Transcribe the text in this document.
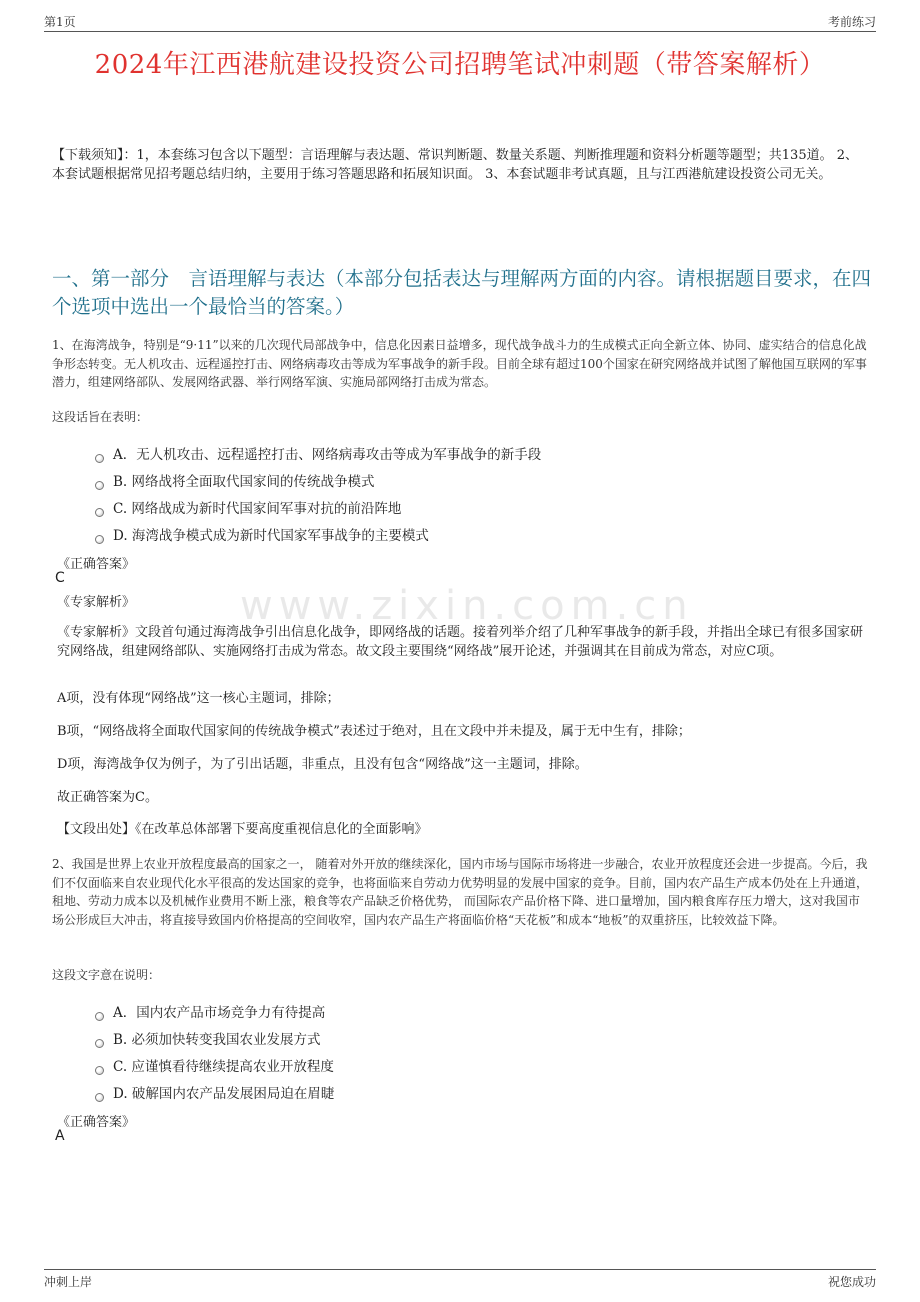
第1页	考前练习
www.zixin.com.cn
2024年江西港航建设投资公司招聘笔试冲刺题（带答案解析）
【下载须知】：1，本套练习包含以下题型：言语理解与表达题、常识判断题、数量关系题、判断推理题和资料分析题等题型；共135道。 2、本套试题根据常见招考题总结归纳，主要用于练习答题思路和拓展知识面。 3、本套试题非考试真题，且与江西港航建设投资公司无关。
一、第一部分　言语理解与表达（本部分包括表达与理解两方面的内容。请根据题目要求，在四个选项中选出一个最恰当的答案。）
1、在海湾战争，特别是“9·11”以来的几次现代局部战争中，信息化因素日益增多，现代战争战斗力的生成模式正向全新立体、协同、虚实结合的信息化战争形态转变。无人机攻击、远程遥控打击、网络病毒攻击等成为军事战争的新手段。目前全球有超过100个国家在研究网络战并试图了解他国互联网的军事潜力，组建网络部队、发展网络武器、举行网络军演、实施局部网络打击成为常态。
这段话旨在表明：
A．无人机攻击、远程遥控打击、网络病毒攻击等成为军事战争的新手段
B. 网络战将全面取代国家间的传统战争模式
C. 网络战成为新时代国家间军事对抗的前沿阵地
D. 海湾战争模式成为新时代国家军事战争的主要模式
《正确答案》
C
《专家解析》
《专家解析》文段首句通过海湾战争引出信息化战争，即网络战的话题。接着列举介绍了几种军事战争的新手段，并指出全球已有很多国家研究网络战，组建网络部队、实施网络打击成为常态。故文段主要围绕“网络战”展开论述，并强调其在目前成为常态，对应C项。
A项，没有体现“网络战”这一核心主题词，排除；
B项，“网络战将全面取代国家间的传统战争模式”表述过于绝对，且在文段中并未提及，属于无中生有，排除；
D项，海湾战争仅为例子，为了引出话题，非重点，且没有包含“网络战”这一主题词，排除。
故正确答案为C。
【文段出处】《在改革总体部署下要高度重视信息化的全面影响》
2、我国是世界上农业开放程度最高的国家之一， 随着对外开放的继续深化，国内市场与国际市场将进一步融合，农业开放程度还会进一步提高。今后，我们不仅面临来自农业现代化水平很高的发达国家的竞争，也将面临来自劳动力优势明显的发展中国家的竞争。目前，国内农产品生产成本仍处在上升通道，租地、劳动力成本以及机械作业费用不断上涨，粮食等农产品缺乏价格优势， 而国际农产品价格下降、进口量增加，国内粮食库存压力增大，这对我国市场公形成巨大冲击，将直接导致国内价格提高的空间收窄，国内农产品生产将面临价格“天花板”和成本“地板”的双重挤压，比较效益下降。
这段文字意在说明：
A．国内农产品市场竞争力有待提高
B. 必须加快转变我国农业发展方式
C. 应谨慎看待继续提高农业开放程度
D. 破解国内农产品发展困局迫在眉睫
《正确答案》
A
冲刺上岸	祝您成功
